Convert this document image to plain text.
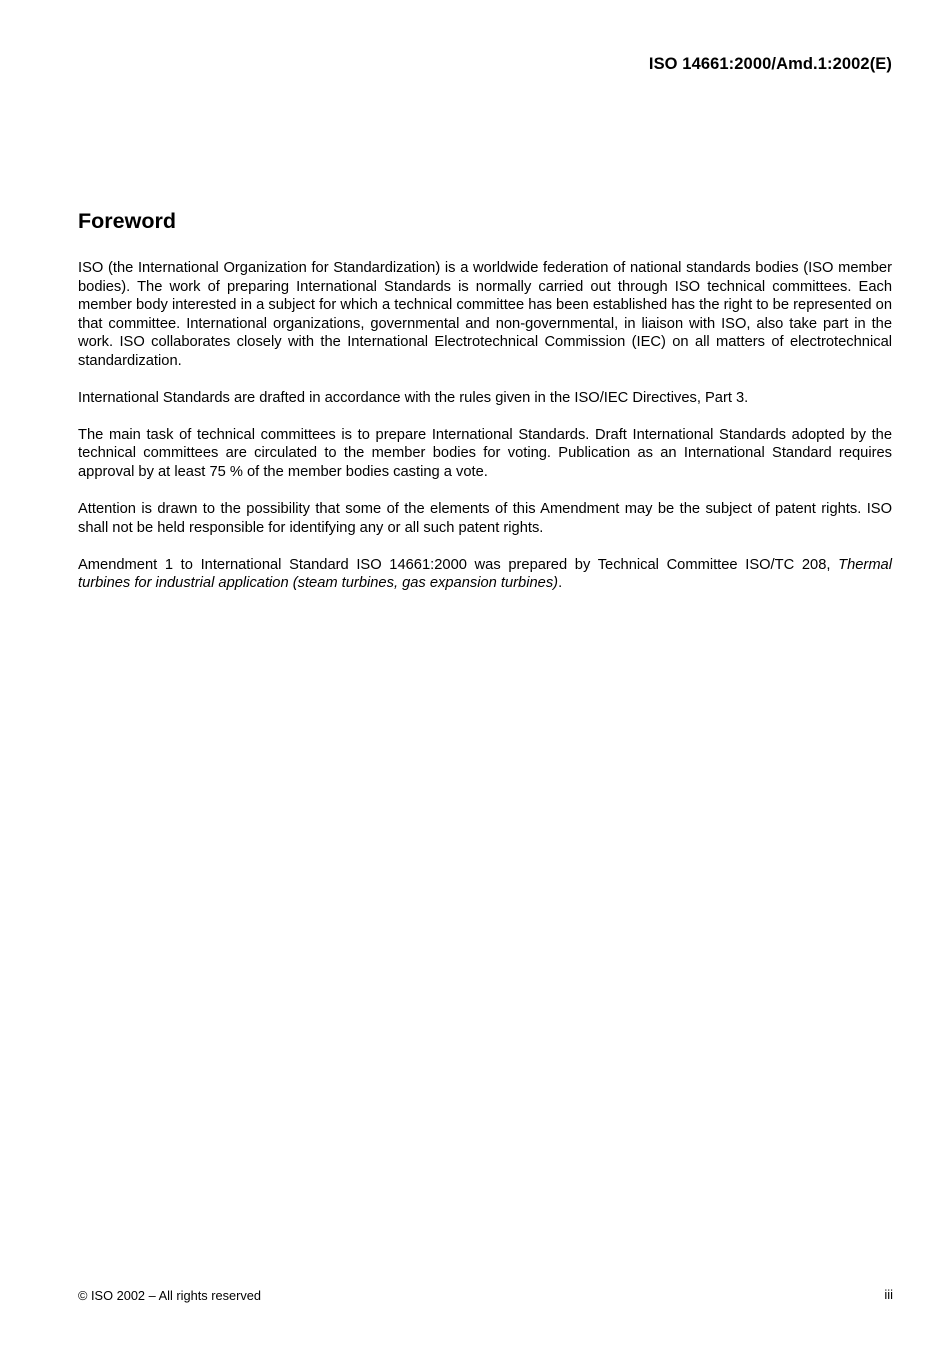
ISO 14661:2000/Amd.1:2002(E)
Foreword

ISO (the International Organization for Standardization) is a worldwide federation of national standards bodies (ISO member bodies). The work of preparing International Standards is normally carried out through ISO technical committees. Each member body interested in a subject for which a technical committee has been established has the right to be represented on that committee. International organizations, governmental and non-governmental, in liaison with ISO, also take part in the work. ISO collaborates closely with the International Electrotechnical Commission (IEC) on all matters of electrotechnical standardization.

International Standards are drafted in accordance with the rules given in the ISO/IEC Directives, Part 3.

The main task of technical committees is to prepare International Standards. Draft International Standards adopted by the technical committees are circulated to the member bodies for voting. Publication as an International Standard requires approval by at least 75 % of the member bodies casting a vote.

Attention is drawn to the possibility that some of the elements of this Amendment may be the subject of patent rights. ISO shall not be held responsible for identifying any or all such patent rights.

Amendment 1 to International Standard ISO 14661:2000 was prepared by Technical Committee ISO/TC 208, Thermal turbines for industrial application (steam turbines, gas expansion turbines).

© ISO 2002 – All rights reserved	iii
